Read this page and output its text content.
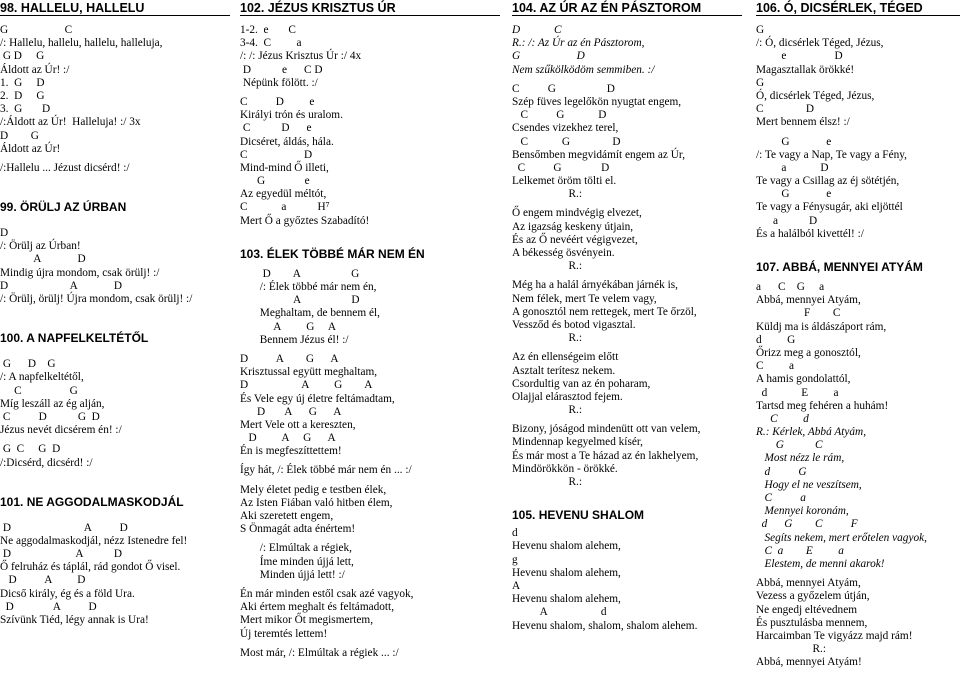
98. HALLELU, HALLELU
G                    C
/: Hallelu, hallelu, hallelu, halleluja,
G D     G
Áldott az Úr! :/
1.  G     D
2.  D     G
3.  G       D
/:Áldott az Úr!  Halleluja! :/ 3x
D        G
Áldott az Úr!
/:Hallelu ... Jézust dicsérd! :/
99. ÖRÜLJ AZ ÚRBAN
D
/: Örülj az Úrban!
A             D
Mindig újra mondom, csak örülj! :/
D                      A             D
/: Örülj, örülj! Újra mondom, csak örülj! :/
100. A NAPFELKELTÉTŐL
G      D    G
/: A napfelkeltétől,
C                 G
Míg leszáll az ég alján,
C          D           G  D
Jézus nevét dicsérem én! :/
G  C     G  D
/:Dicsérd, dicsérd! :/
101. NE AGGODALMASKODJÁL
D                          A          D
Ne aggodalmaskodjál, nézz Istenedre fel!
D                       A           D
Ő felruház és táplál, rád gondot Ő visel.
D          A         D
Dicső király, ég és a föld Ura.
D              A          D
Szívünk Tiéd, légy annak is Ura!
102. JÉZUS KRISZTUS ÚR
1-2.  e       C
3-4.  C         a
/: /: Jézus Krisztus Úr :/ 4x
D           e      C D
Népünk fölött. :/
C          D         e
Királyi trón és uralom.
C           D      e
Dicséret, áldás, hála.
C                    D
Mind-mind Ő illeti,
G              e
Az egyedül méltót,
C            a           H⁷
Mert Ő a győztes Szabadító!
103. ÉLEK TÖBBÉ MÁR NEM ÉN
D        A                  G
/: Élek többé már nem én,
A                  D
Meghaltam, de bennem él,
A         G     A
Bennem Jézus él! :/
D          A        G      A
Krisztussal együtt meghaltam,
D                   A         G        A
És Vele egy új életre feltámadtam,
D       A      G      A
Mert Vele ott a kereszten,
D         A     G      A
Én is megfeszíttettem!
Így hát, /: Élek többé már nem én ... :/
Mely életet pedig e testben élek,
Az Isten Fiában való hitben élem,
Aki szeretett engem,
S Önmagát adta énértem!
/: Elmúltak a régiek,
Íme minden újjá lett,
Minden újjá lett! :/
Én már minden estől csak azé vagyok,
Aki értem meghalt és feltámadott,
Mert mikor Őt megismertem,
Új teremtés lettem!
Most már, /: Elmúltak a régiek ... :/
104. AZ ÚR AZ ÉN PÁSZTOROM
D            C
R.: /: Az Úr az én Pásztorom,
G                    D
Nem szűkölködöm semmiben. :/
C          G                  D
Szép füves legelőkön nyugtat engem,
C          G            D
Csendes vizekhez terel,
C            G               D
Bensőmben megvidámít engem az Úr,
C          G              D
Lelkemet öröm tölti el.
R.:
Ő engem mindvégig elvezet,
Az igazság keskeny útjain,
És az Ő nevéért végigvezet,
A békesség ösvényein.
R.:
Még ha a halál árnyékában járnék is,
Nem félek, mert Te velem vagy,
A gonosztól nem rettegek, mert Te őrzöl,
Vessződ és botod vigasztal.
R.:
Az én ellenségeim előtt
Asztalt terítesz nekem.
Csordultig van az én poharam,
Olajjal elárasztod fejem.
R.:
Bizony, jóságod mindenütt ott van velem,
Mindennap kegyelmed kísér,
És már most a Te házad az én lakhelyem,
Mindörökkön - örökké.
R.:
105. HEVENU SHALOM
d
Hevenu shalom alehem,
g
Hevenu shalom alehem,
A
Hevenu shalom alehem,
A                   d
Hevenu shalom, shalom, shalom alehem.
106. Ó, DICSÉRLEK, TÉGED
G
/: Ó, dicsérlek Téged, Jézus,
e                 D
Magasztallak örökké!
G
Ó, dicsérlek Téged, Jézus,
C               D
Mert bennem élsz! :/
G             e
/: Te vagy a Nap, Te vagy a Fény,
a            D
Te vagy a Csillag az éj sötétjén,
G             e
Te vagy a Fénysugár, aki eljöttél
a           D
És a halálból kivettél! :/
107. ABBÁ, MENNYEI ATYÁM
a      C    G     a
Abbá, mennyei Atyám,
F        C
Küldj ma is áldászáport rám,
d         G
Őrizz meg a gonosztól,
C         a
A hamis gondolattól,
d            E         a
Tartsd meg fehéren a huhám!
C         d
R.: Kérlek, Abbá Atyám,
G           C
Most nézz le rám,
d          G
Hogy el ne veszítsem,
C          a
Mennyei koronám,
d      G        C          F
Segíts nekem, mert erőtelen vagyok,
C  a        E         a
Elestem, de menni akarok!
Abbá, mennyei Atyám,
Vezess a győzelem útján,
Ne engedj eltévednem
És pusztulásba mennem,
Harcaimban Te vigyázz majd rám!
R.:
Abbá, mennyei Atyám!
